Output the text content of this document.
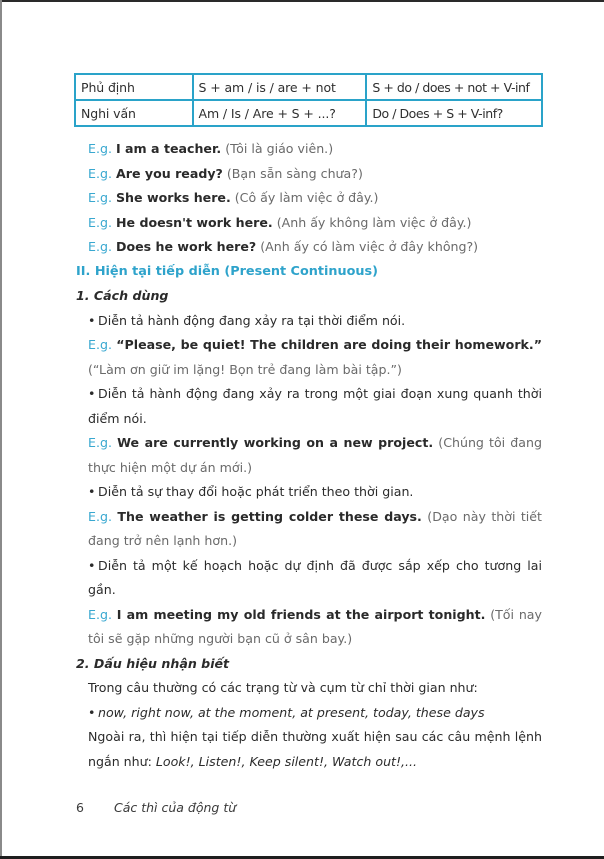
Phủ định	S + am / is / are + not	S + do / does + not + V-inf
Nghi vấn	Am / Is / Are + S + ...?	Do / Does + S + V-inf?

E.g. I am a teacher. (Tôi là giáo viên.)

E.g. Are you ready? (Bạn sẵn sàng chưa?)

E.g. She works here. (Cô ấy làm việc ở đây.)

E.g. He doesn't work here. (Anh ấy không làm việc ở đây.)

E.g. Does he work here? (Anh ấy có làm việc ở đây không?)

II. Hiện tại tiếp diễn (Present Continuous)

1. Cách dùng

• Diễn tả hành động đang xảy ra tại thời điểm nói.

E.g. “Please, be quiet! The children are doing their homework.” (“Làm ơn giữ im lặng! Bọn trẻ đang làm bài tập.”)

• Diễn tả hành động đang xảy ra trong một giai đoạn xung quanh thời điểm nói.

E.g. We are currently working on a new project. (Chúng tôi đang thực hiện một dự án mới.)

• Diễn tả sự thay đổi hoặc phát triển theo thời gian.

E.g. The weather is getting colder these days. (Dạo này thời tiết đang trở nên lạnh hơn.)

• Diễn tả một kế hoạch hoặc dự định đã được sắp xếp cho tương lai gần.

E.g. I am meeting my old friends at the airport tonight. (Tối nay tôi sẽ gặp những người bạn cũ ở sân bay.)

2. Dấu hiệu nhận biết

Trong câu thường có các trạng từ và cụm từ chỉ thời gian như:

• now, right now, at the moment, at present, today, these days

Ngoài ra, thì hiện tại tiếp diễn thường xuất hiện sau các câu mệnh lệnh ngắn như: Look!, Listen!, Keep silent!, Watch out!,...

6 Các thì của động từ
